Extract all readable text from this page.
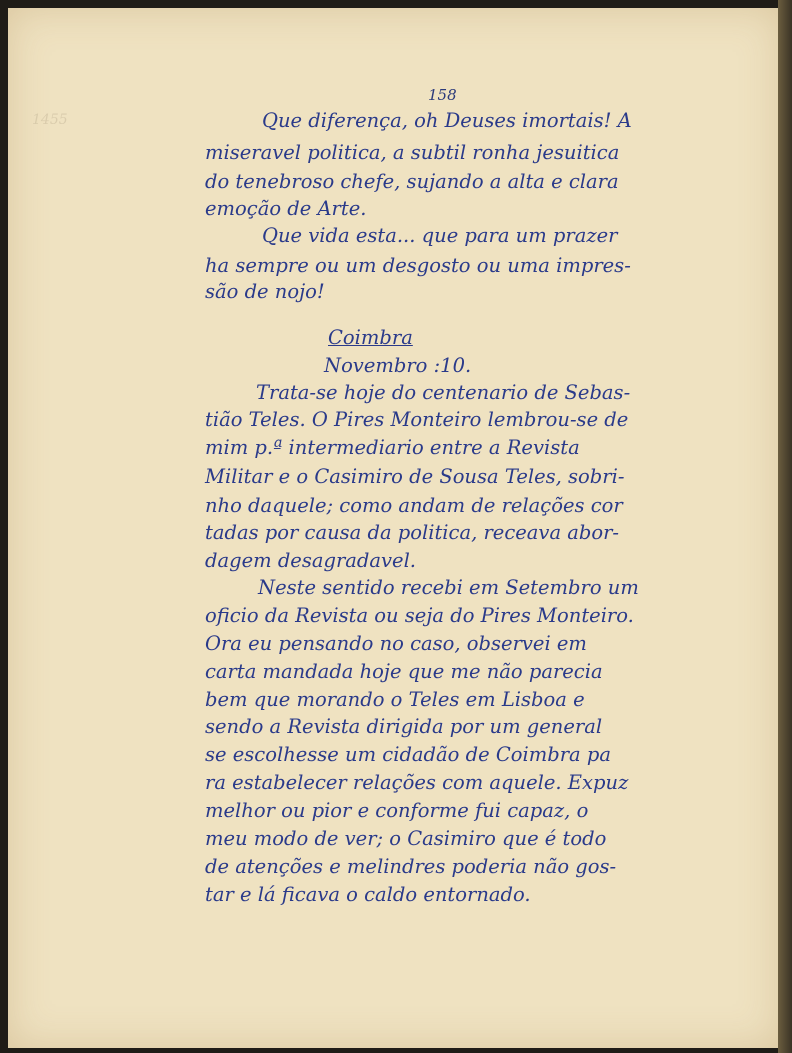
158
1455	Que diferença, oh Deuses imortais! A
miseravel politica, a subtil ronha jesuitica
do tenebroso chefe, sujando a alta e clara
emoção de Arte.
Que vida esta... que para um prazer
ha sempre ou um desgosto ou uma impres-
são de nojo!
Coimbra
Novembro :10.
Trata-se hoje do centenario de Sebas-
tião Teles. O Pires Monteiro lembrou-se de
mim p.ª intermediario entre a Revista
Militar e o Casimiro de Sousa Teles, sobri-
nho daquele; como andam de relações cor
tadas por causa da politica, receava abor-
dagem desagradavel.
Neste sentido recebi em Setembro um
oficio da Revista ou seja do Pires Monteiro.
Ora eu pensando no caso, observei em
carta mandada hoje que me não parecia
bem que morando o Teles em Lisboa e
sendo a Revista dirigida por um general
se escolhesse um cidadão de Coimbra pa
ra estabelecer relações com aquele. Expuz
melhor ou pior e conforme fui capaz, o
meu modo de ver; o Casimiro que é todo
de atenções e melindres poderia não gos-
tar e lá ficava o caldo entornado.
